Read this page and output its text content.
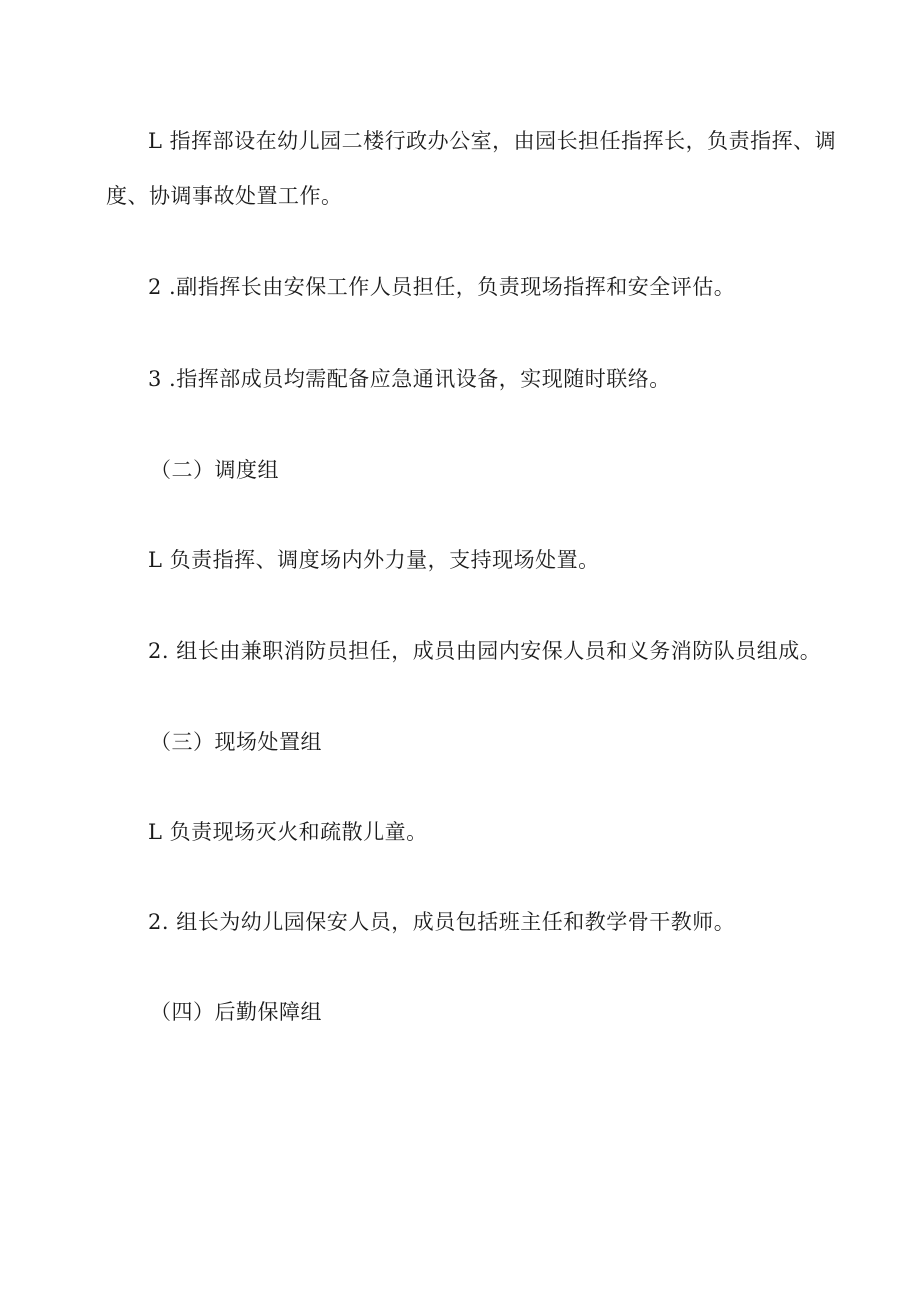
L 指挥部设在幼儿园二楼行政办公室，由园长担任指挥长，负责指挥、调

度、协调事故处置工作。

2 .副指挥长由安保工作人员担任，负责现场指挥和安全评估。

3 .指挥部成员均需配备应急通讯设备，实现随时联络。

（二）调度组

L 负责指挥、调度场内外力量，支持现场处置。

2. 组长由兼职消防员担任，成员由园内安保人员和义务消防队员组成。

（三）现场处置组

L 负责现场灭火和疏散儿童。

2. 组长为幼儿园保安人员，成员包括班主任和教学骨干教师。

（四）后勤保障组
